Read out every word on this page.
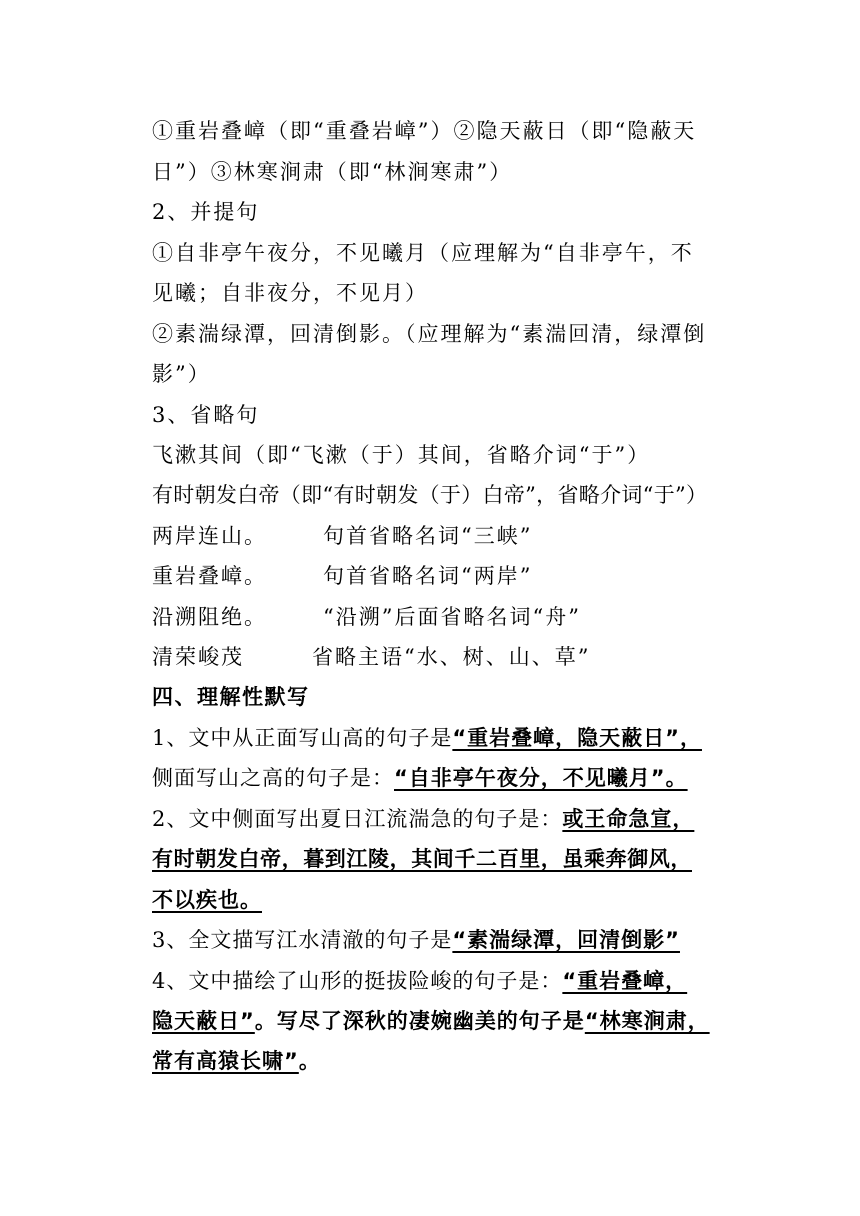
①重岩叠嶂（即“重叠岩嶂”）②隐天蔽日（即“隐蔽天
日”）③林寒涧肃（即“林涧寒肃”）
2、并提句
①自非亭午夜分，不见曦月（应理解为“自非亭午，不
见曦；自非夜分，不见月）
②素湍绿潭，回清倒影。（应理解为“素湍回清，绿潭倒
影”）
3、省略句
飞漱其间（即“飞漱（于）其间，省略介词“于”）
有时朝发白帝（即“有时朝发（于）白帝”，省略介词“于”）
两岸连山。	句首省略名词“三峡”
重岩叠嶂。	句首省略名词“两岸”
沿溯阻绝。	“沿溯”后面省略名词“舟”
清荣峻茂	省略主语“水、树、山、草”
四、理解性默写
1、文中从正面写山高的句子是“重岩叠嶂，隐天蔽日”，
侧面写山之高的句子是：“自非亭午夜分，不见曦月”。
2、文中侧面写出夏日江流湍急的句子是：或王命急宣，
有时朝发白帝，暮到江陵，其间千二百里，虽乘奔御风，
不以疾也。
3、全文描写江水清澈的句子是“素湍绿潭，回清倒影”
4、文中描绘了山形的挺拔险峻的句子是：“重岩叠嶂，
隐天蔽日”。写尽了深秋的凄婉幽美的句子是“林寒涧肃，
常有高猿长啸”。
